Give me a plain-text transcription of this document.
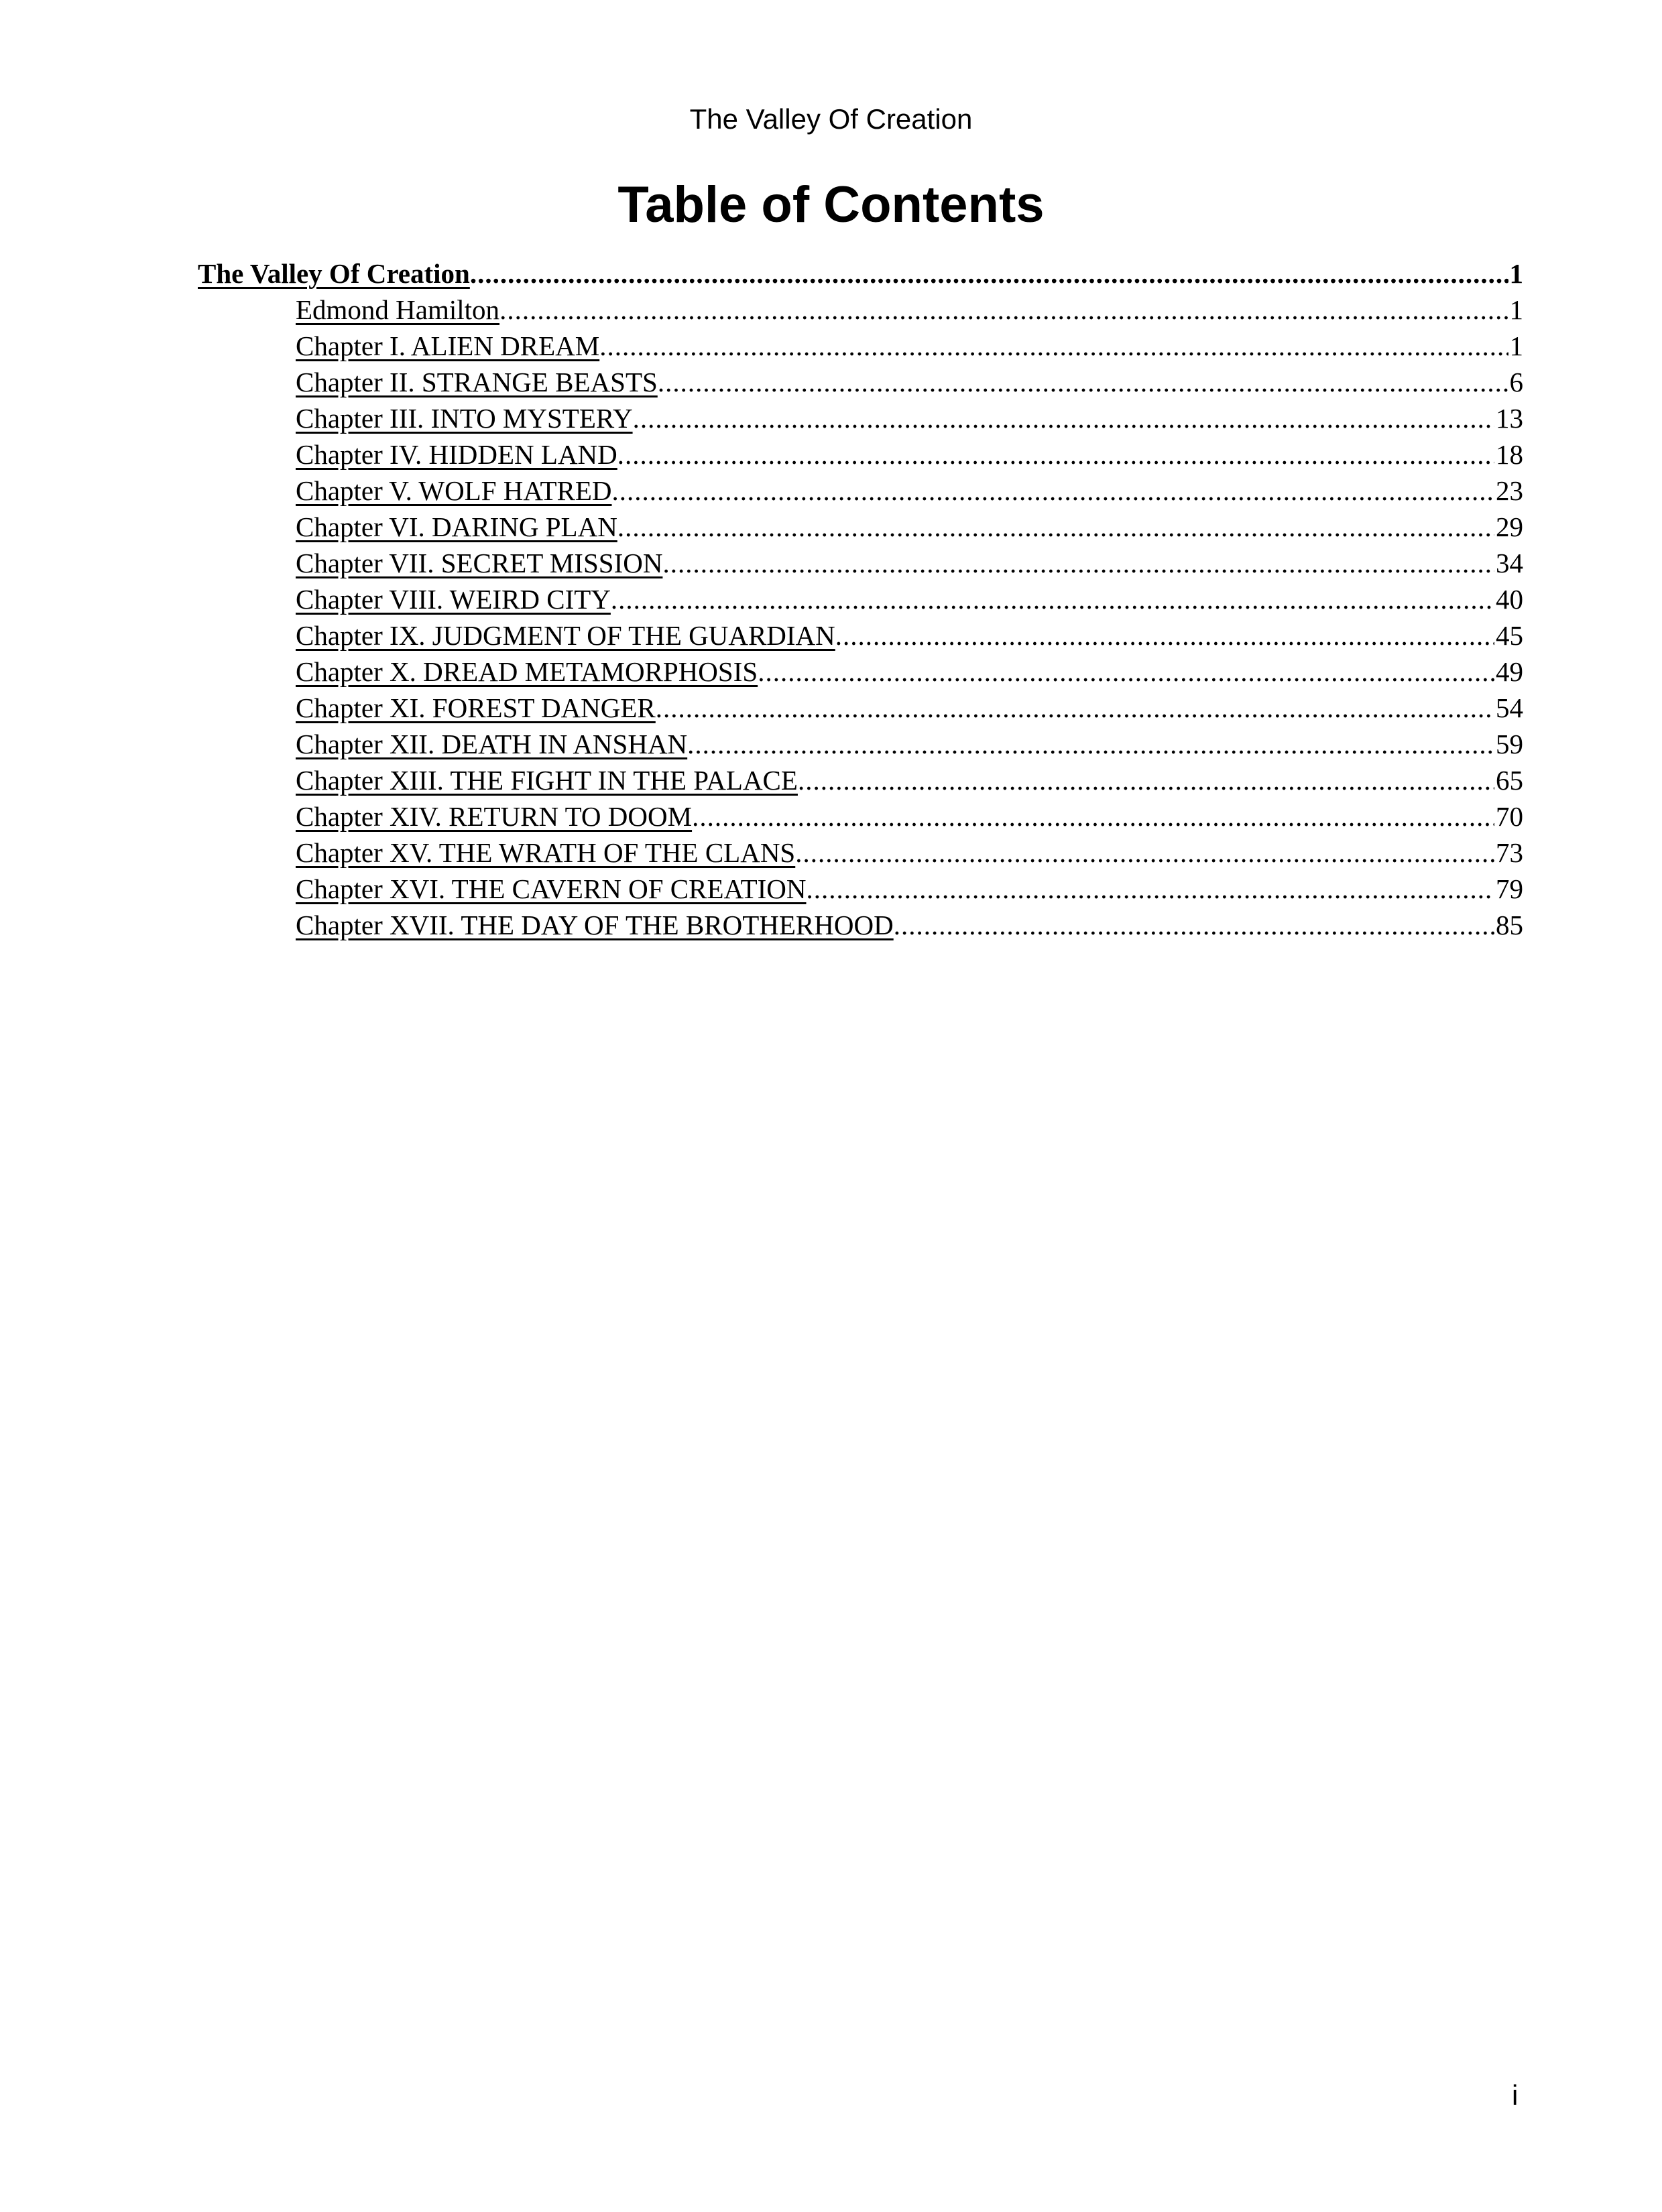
The Valley Of Creation
Table of Contents
The Valley Of Creation .....	1
Edmond Hamilton .....	1
Chapter I. ALIEN DREAM .....	1
Chapter II. STRANGE BEASTS .....	6
Chapter III. INTO MYSTERY .....	13
Chapter IV. HIDDEN LAND .....	18
Chapter V. WOLF HATRED .....	23
Chapter VI. DARING PLAN .....	29
Chapter VII. SECRET MISSION .....	34
Chapter VIII. WEIRD CITY .....	40
Chapter IX. JUDGMENT OF THE GUARDIAN .....	45
Chapter X. DREAD METAMORPHOSIS .....	49
Chapter XI. FOREST DANGER .....	54
Chapter XII. DEATH IN ANSHAN .....	59
Chapter XIII. THE FIGHT IN THE PALACE .....	65
Chapter XIV. RETURN TO DOOM .....	70
Chapter XV. THE WRATH OF THE CLANS .....	73
Chapter XVI. THE CAVERN OF CREATION .....	79
Chapter XVII. THE DAY OF THE BROTHERHOOD .....	85
i
